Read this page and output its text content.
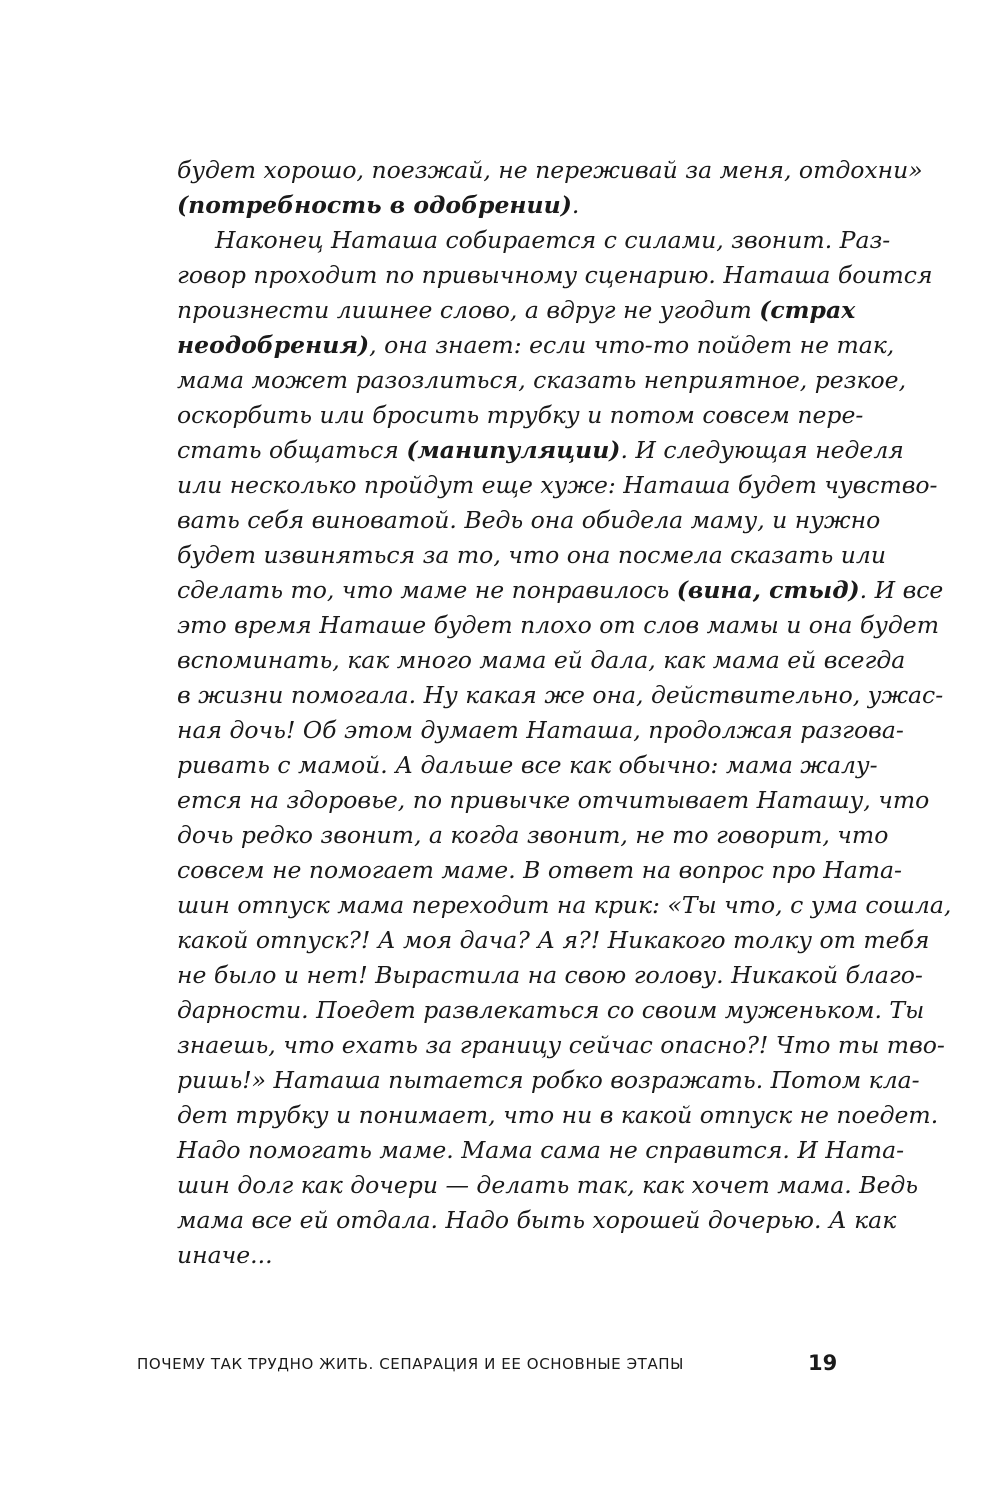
будет хорошо, поезжай, не переживай за меня, отдохни»
(потребность в одобрении).
Наконец Наташа собирается с силами, звонит. Раз-
говор проходит по привычному сценарию. Наташа боится
произнести лишнее слово, а вдруг не угодит (страх
неодобрения), она знает: если что-то пойдет не так,
мама может разозлиться, сказать неприятное, резкое,
оскорбить или бросить трубку и потом совсем пере-
стать общаться (манипуляции). И следующая неделя
или несколько пройдут еще хуже: Наташа будет чувство-
вать себя виноватой. Ведь она обидела маму, и нужно
будет извиняться за то, что она посмела сказать или
сделать то, что маме не понравилось (вина, стыд). И все
это время Наташе будет плохо от слов мамы и она будет
вспоминать, как много мама ей дала, как мама ей всегда
в жизни помогала. Ну какая же она, действительно, ужас-
ная дочь! Об этом думает Наташа, продолжая разгова-
ривать с мамой. А дальше все как обычно: мама жалу-
ется на здоровье, по привычке отчитывает Наташу, что
дочь редко звонит, а когда звонит, не то говорит, что
совсем не помогает маме. В ответ на вопрос про Ната-
шин отпуск мама переходит на крик: «Ты что, с ума сошла,
какой отпуск?! А моя дача? А я?! Никакого толку от тебя
не было и нет! Вырастила на свою голову. Никакой благо-
дарности. Поедет развлекаться со своим муженьком. Ты
знаешь, что ехать за границу сейчас опасно?! Что ты тво-
ришь!» Наташа пытается робко возражать. Потом кла-
дет трубку и понимает, что ни в какой отпуск не поедет.
Надо помогать маме. Мама сама не справится. И Ната-
шин долг как дочери — делать так, как хочет мама. Ведь
мама все ей отдала. Надо быть хорошей дочерью. А как
иначе...
ПОЧЕМУ ТАК ТРУДНО ЖИТЬ. СЕПАРАЦИЯ И ЕЕ ОСНОВНЫЕ ЭТАПЫ	19
